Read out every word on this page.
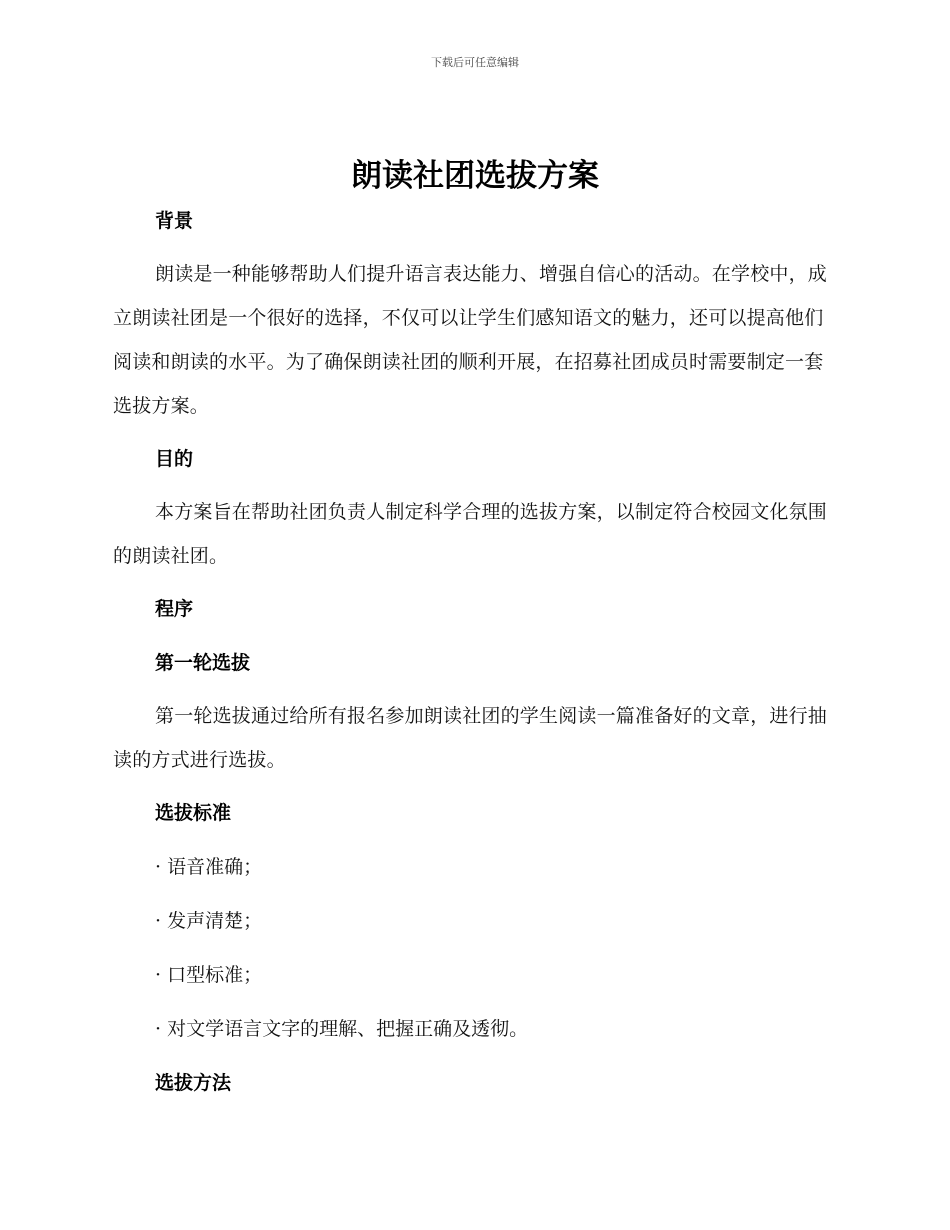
下载后可任意编辑
朗读社团选拔方案

背景

朗读是一种能够帮助人们提升语言表达能力、增强自信心的活动。在学校中，成立朗读社团是一个很好的选择，不仅可以让学生们感知语文的魅力，还可以提高他们阅读和朗读的水平。为了确保朗读社团的顺利开展，在招募社团成员时需要制定一套选拔方案。

目的

本方案旨在帮助社团负责人制定科学合理的选拔方案，以制定符合校园文化氛围的朗读社团。

程序

第一轮选拔

第一轮选拔通过给所有报名参加朗读社团的学生阅读一篇准备好的文章，进行抽读的方式进行选拔。

选拔标准

· 语音准确；

· 发声清楚；

· 口型标准；

· 对文学语言文字的理解、把握正确及透彻。

选拔方法
